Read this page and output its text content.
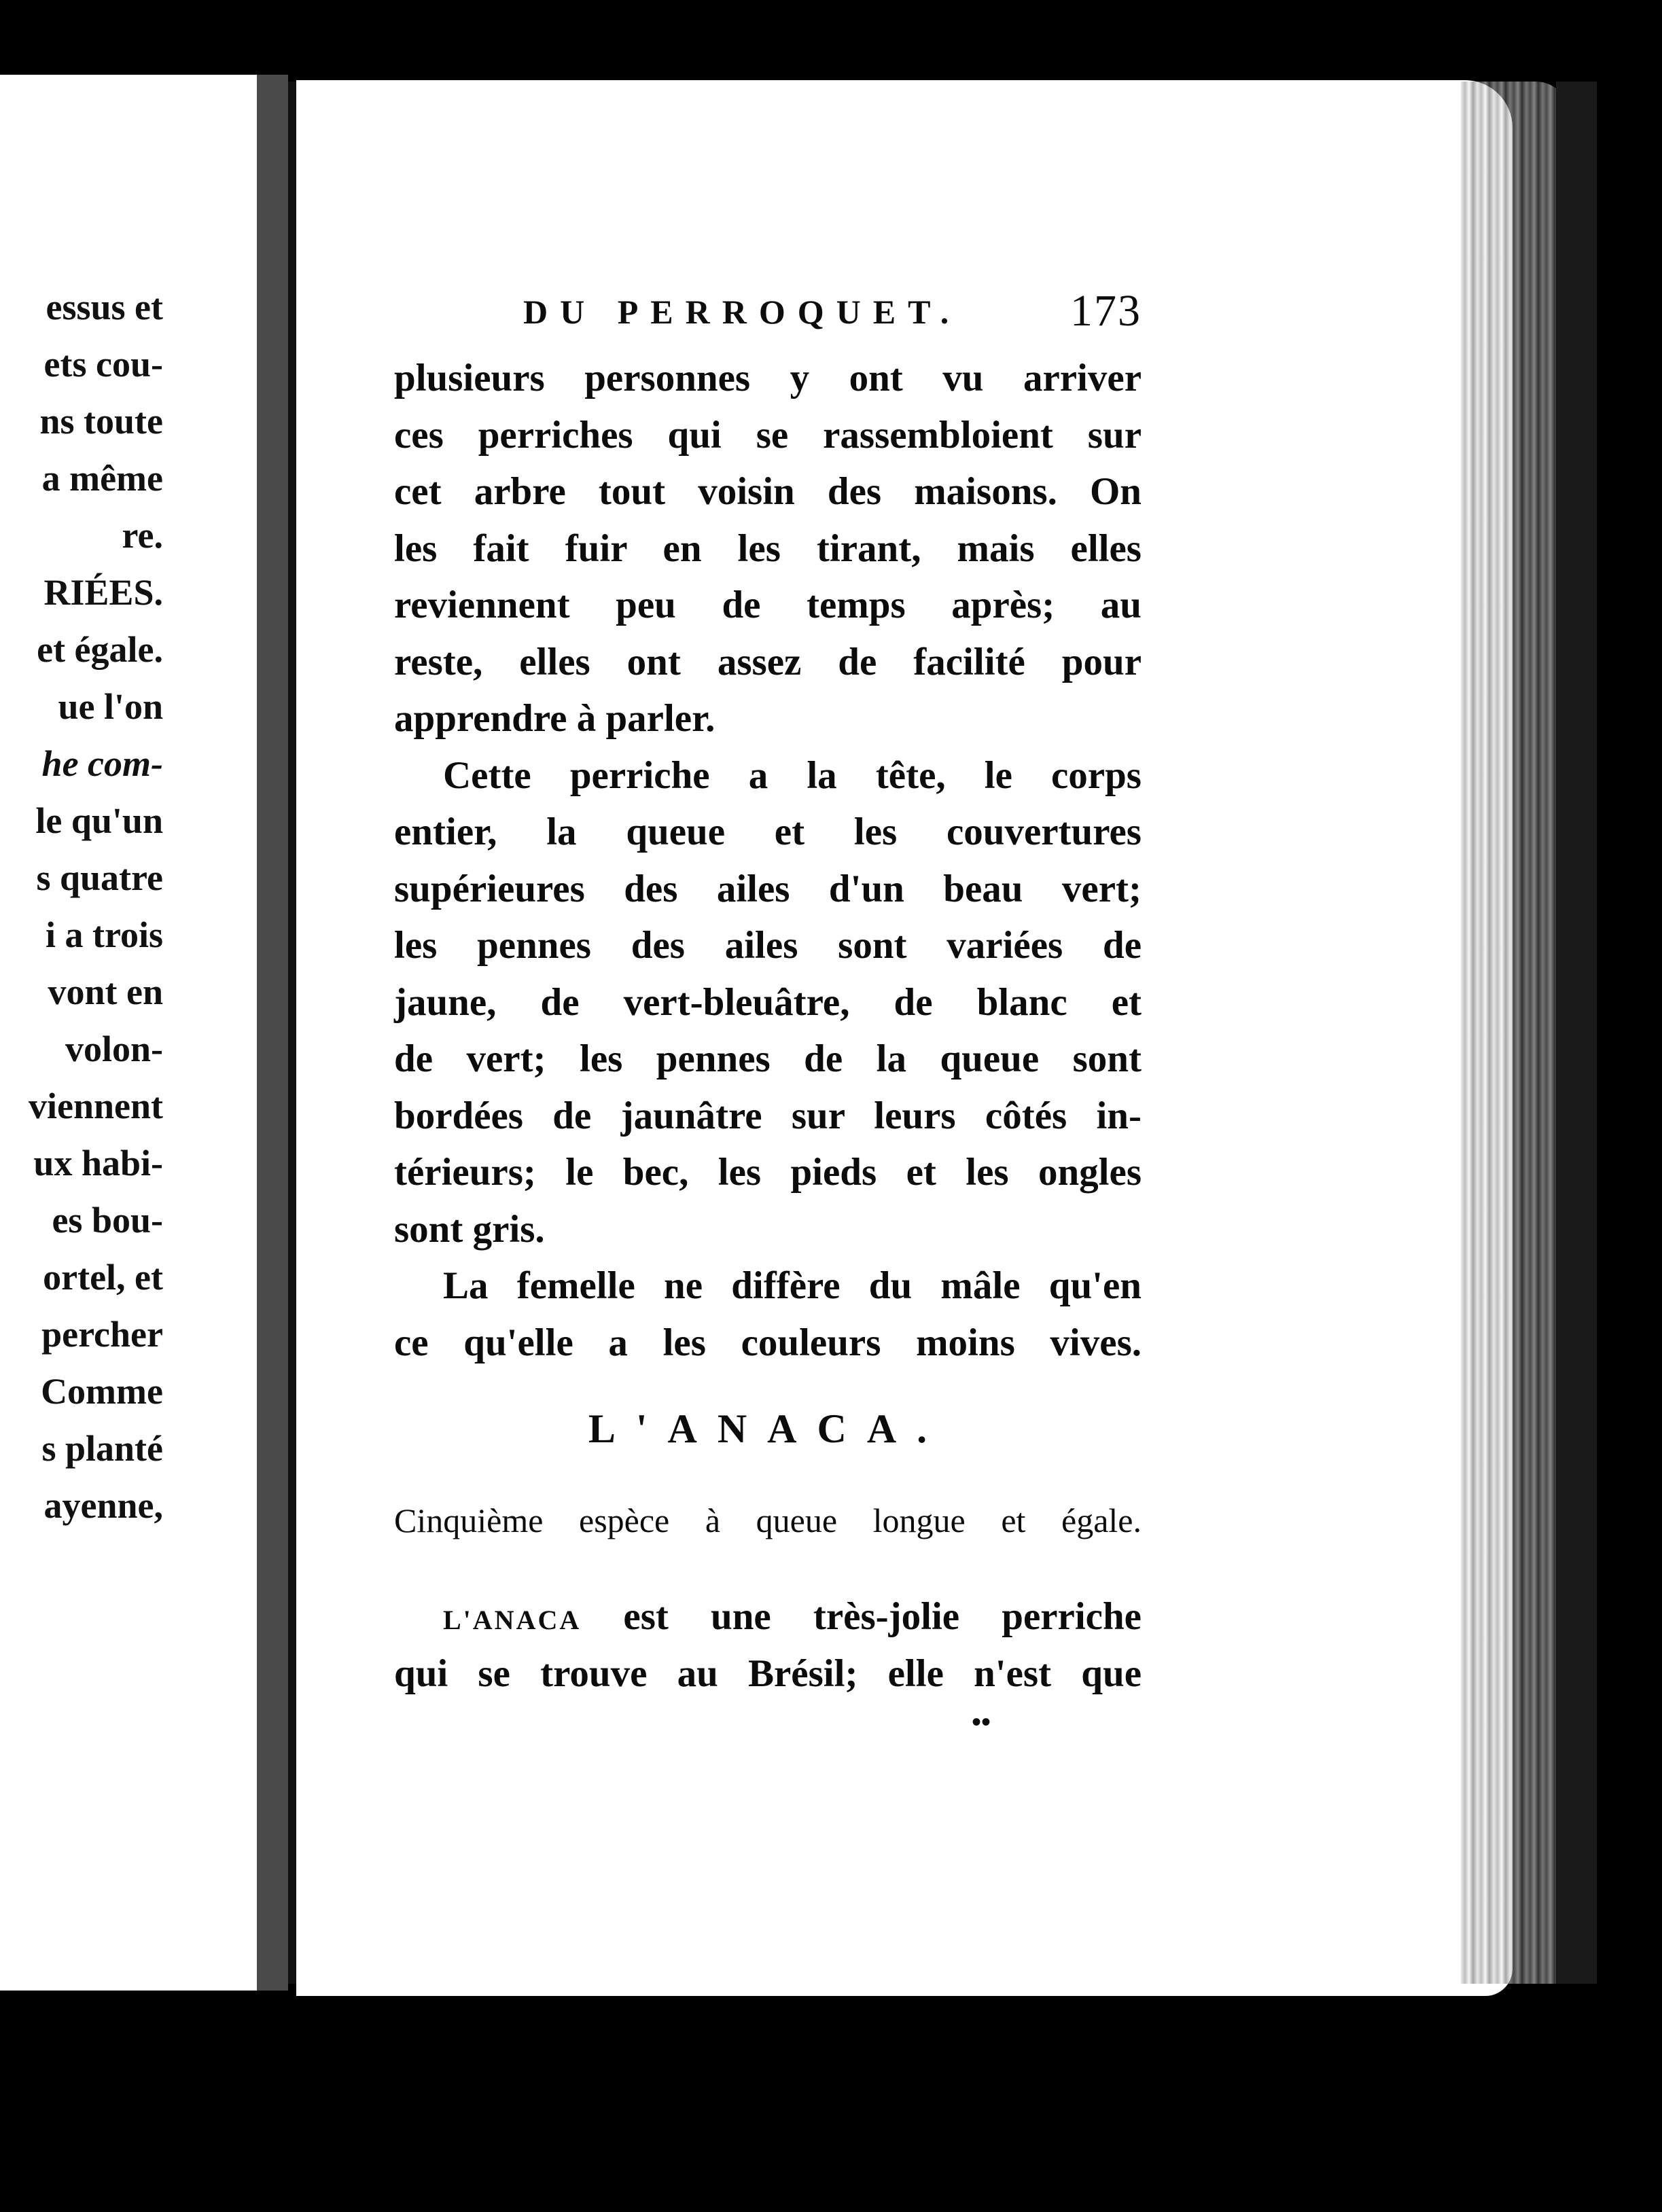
essus et
ets cou-
ns toute
a même
re.
RIÉES.
et égale.
ue l'on
he com-
le qu'un
s quatre
i a trois
vont en
volon-
viennent
ux habi-
es bou-
ortel, et
percher
Comme
s planté
ayenne,
DU PERROQUET. 173
plusieurs personnes y ont vu arriver
ces perriches qui se rassembloient sur
cet arbre tout voisin des maisons. On
les fait fuir en les tirant, mais elles
reviennent peu de temps après; au
reste, elles ont assez de facilité pour
apprendre à parler.
Cette perriche a la tête, le corps
entier, la queue et les couvertures
supérieures des ailes d'un beau vert;
les pennes des ailes sont variées de
jaune, de vert-bleuâtre, de blanc et
de vert; les pennes de la queue sont
bordées de jaunâtre sur leurs côtés in-
térieurs; le bec, les pieds et les ongles
sont gris.
La femelle ne diffère du mâle qu'en
ce qu'elle a les couleurs moins vives.
L'ANACA.
Cinquième espèce à queue longue et égale.
L'ANACA est une très-jolie perriche
qui se trouve au Brésil; elle n'est que
••
